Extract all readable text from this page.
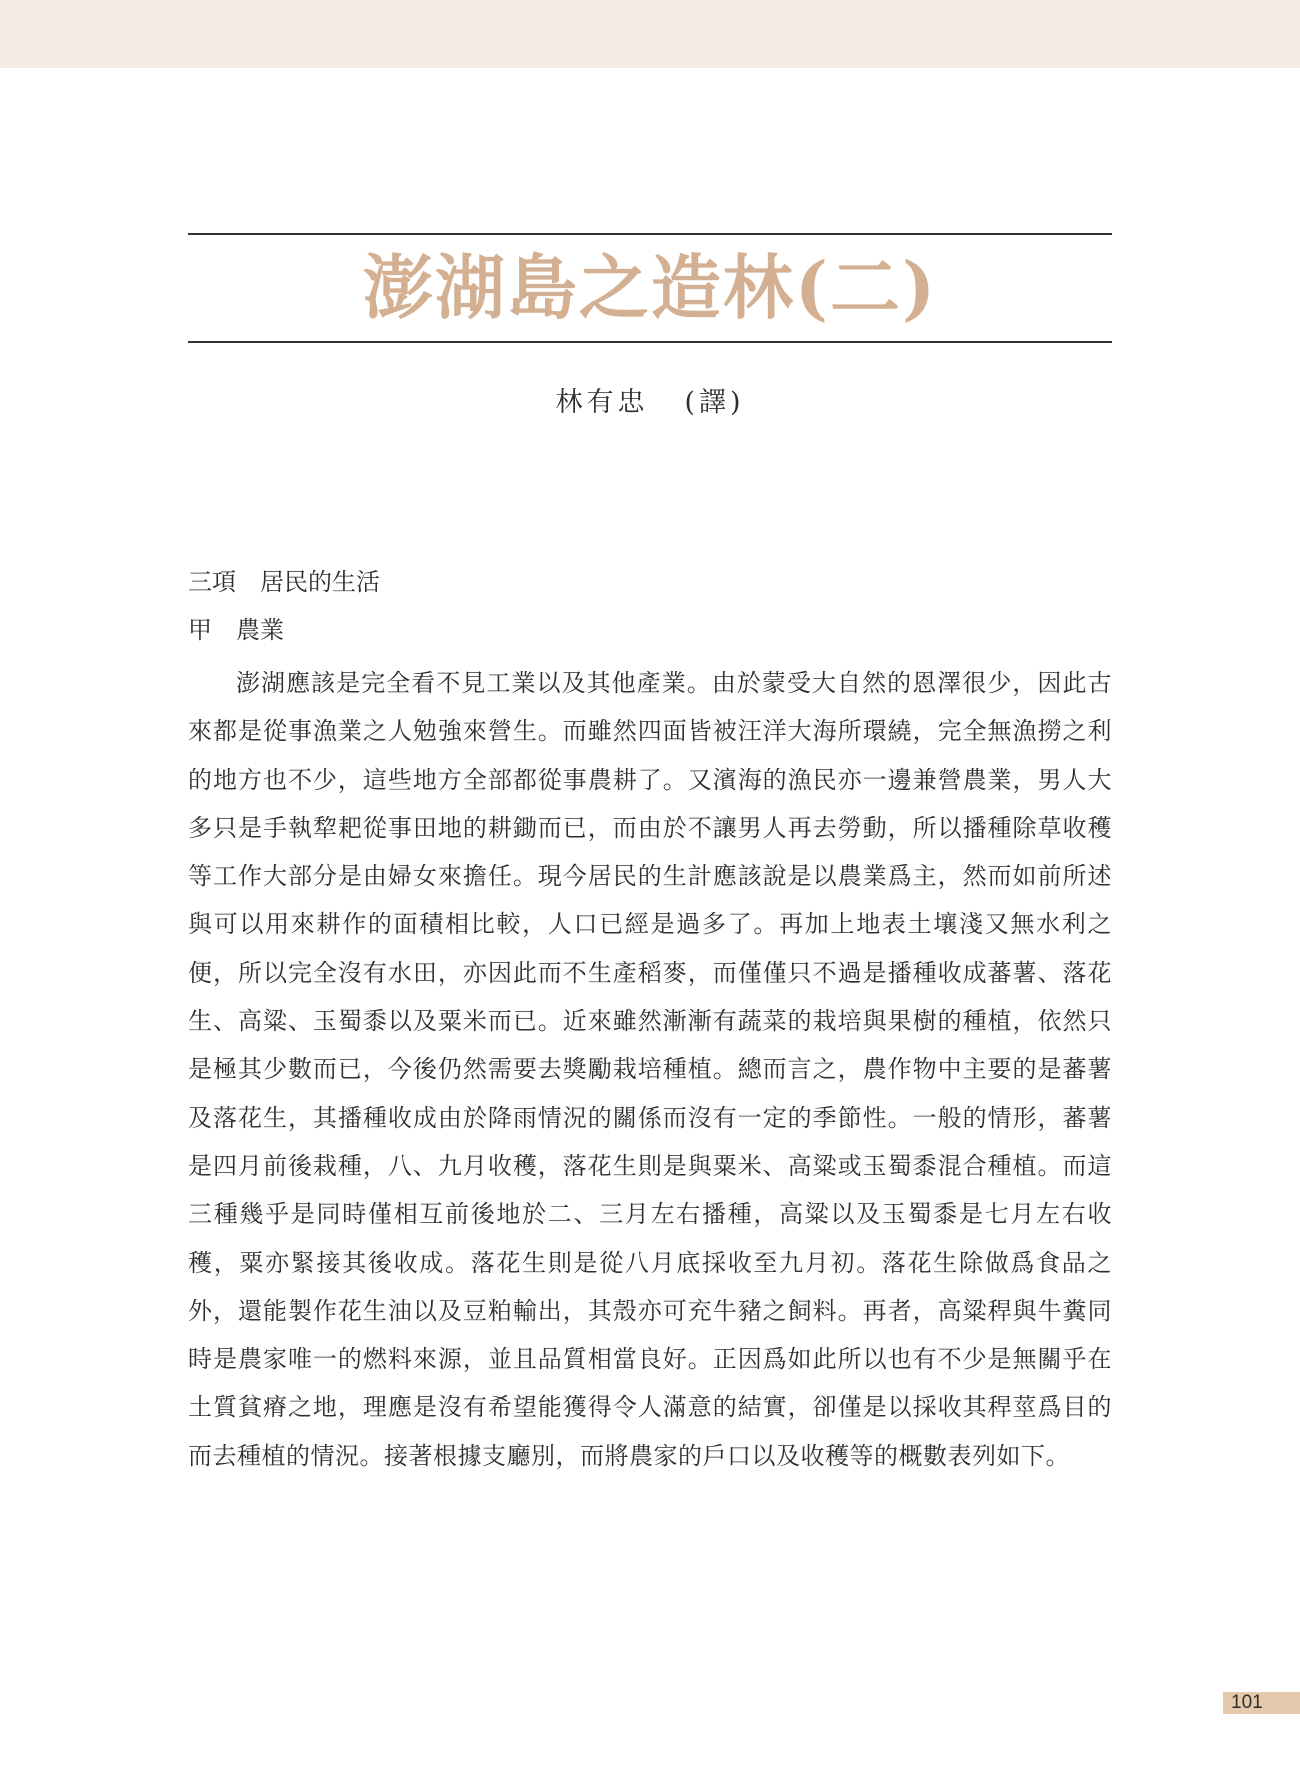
澎湖島之造林(二)
林有忠 (譯)
三項　居民的生活
甲　農業

澎湖應該是完全看不見工業以及其他產業。由於蒙受大自然的恩澤很少，因此古來都是從事漁業之人勉強來營生。而雖然四面皆被汪洋大海所環繞，完全無漁撈之利的地方也不少，這些地方全部都從事農耕了。又濱海的漁民亦一邊兼營農業，男人大多只是手執犂耙從事田地的耕鋤而已，而由於不讓男人再去勞動，所以播種除草收穫等工作大部分是由婦女來擔任。現今居民的生計應該說是以農業爲主，然而如前所述與可以用來耕作的面積相比較，人口已經是過多了。再加上地表土壤淺又無水利之便，所以完全沒有水田，亦因此而不生產稻麥，而僅僅只不過是播種收成蕃薯、落花生、高粱、玉蜀黍以及粟米而已。近來雖然漸漸有蔬菜的栽培與果樹的種植，依然只是極其少數而已，今後仍然需要去獎勵栽培種植。總而言之，農作物中主要的是蕃薯及落花生，其播種收成由於降雨情況的關係而沒有一定的季節性。一般的情形，蕃薯是四月前後栽種，八、九月收穫，落花生則是與粟米、高粱或玉蜀黍混合種植。而這三種幾乎是同時僅相互前後地於二、三月左右播種，高粱以及玉蜀黍是七月左右收穫，粟亦緊接其後收成。落花生則是從八月底採收至九月初。落花生除做爲食品之外，還能製作花生油以及豆粕輸出，其殼亦可充牛豬之飼料。再者，高粱稈與牛糞同時是農家唯一的燃料來源，並且品質相當良好。正因爲如此所以也有不少是無關乎在土質貧瘠之地，理應是沒有希望能獲得令人滿意的結實，卻僅是以採收其稈莖爲目的而去種植的情況。接著根據支廳別，而將農家的戶口以及收穫等的概數表列如下。

101
